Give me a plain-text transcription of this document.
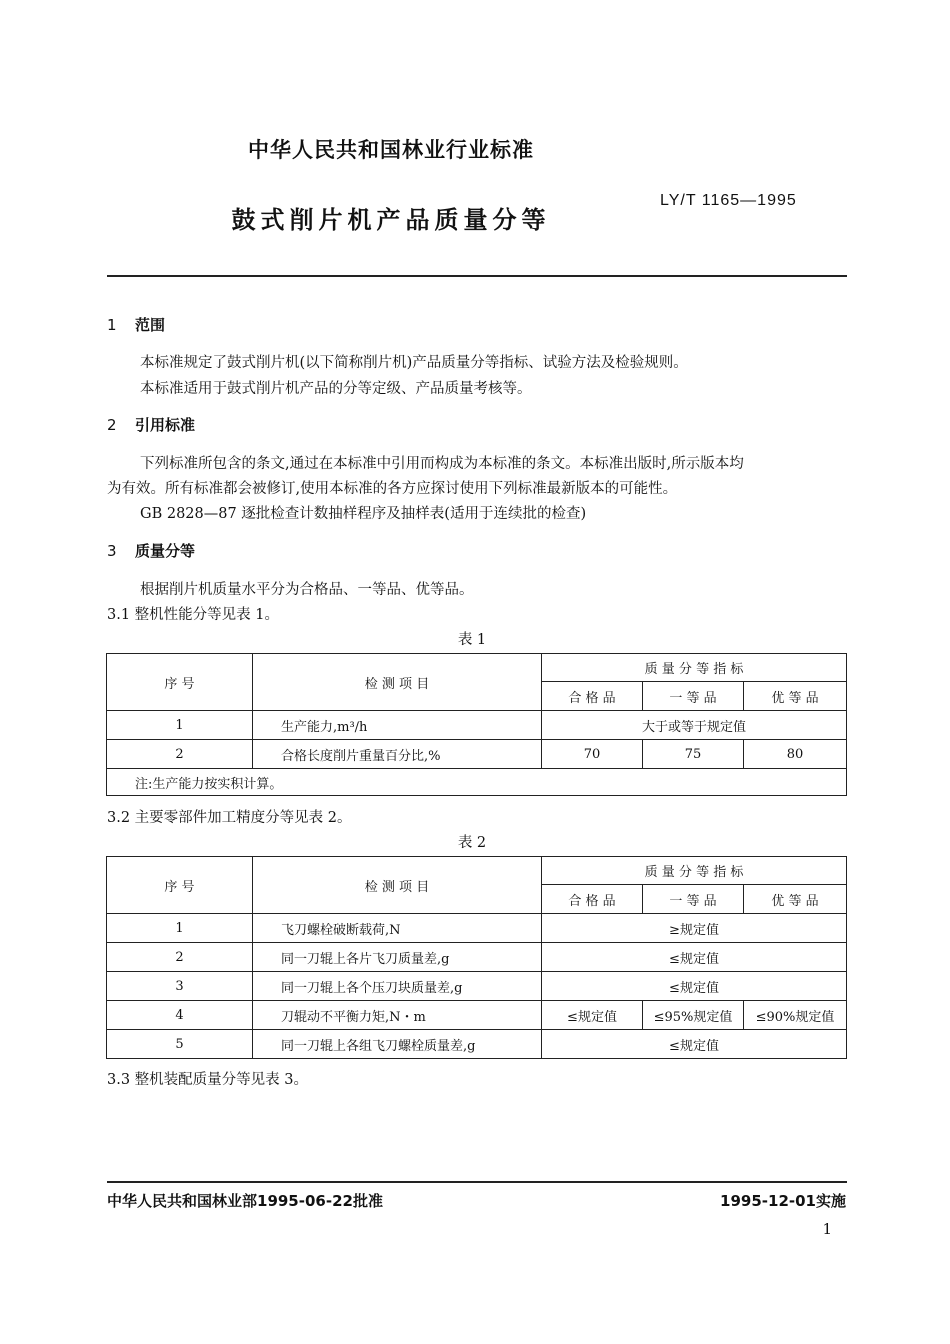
中华人民共和国林业行业标准
鼓式削片机产品质量分等
LY/T 1165—1995
1 范围
本标准规定了鼓式削片机(以下简称削片机)产品质量分等指标、试验方法及检验规则。
本标准适用于鼓式削片机产品的分等定级、产品质量考核等。
2 引用标准
下列标准所包含的条文,通过在本标准中引用而构成为本标准的条文。本标准出版时,所示版本均
为有效。所有标准都会被修订,使用本标准的各方应探讨使用下列标准最新版本的可能性。
GB 2828—87 逐批检查计数抽样程序及抽样表(适用于连续批的检查)
3 质量分等
根据削片机质量水平分为合格品、一等品、优等品。
3.1 整机性能分等见表 1。
表 1
序 号	检 测 项 目	质 量 分 等 指 标		
		合 格 品	一 等 品	优 等 品
1	生产能力,m³/h	大于或等于规定值		
2	合格长度削片重量百分比,%	70	75	80
注:生产能力按实积计算。				
3.2 主要零部件加工精度分等见表 2。
表 2
序 号	检 测 项 目	质 量 分 等 指 标		
		合 格 品	一 等 品	优 等 品
1	飞刀螺栓破断载荷,N	≥规定值		
2	同一刀辊上各片飞刀质量差,g	≤规定值		
3	同一刀辊上各个压刀块质量差,g	≤规定值		
4	刀辊动不平衡力矩,N・m	≤规定值	≤95%规定值	≤90%规定值
5	同一刀辊上各组飞刀螺栓质量差,g	≤规定值		
3.3 整机装配质量分等见表 3。
中华人民共和国林业部1995-06-22批准	1995-12-01实施
1
